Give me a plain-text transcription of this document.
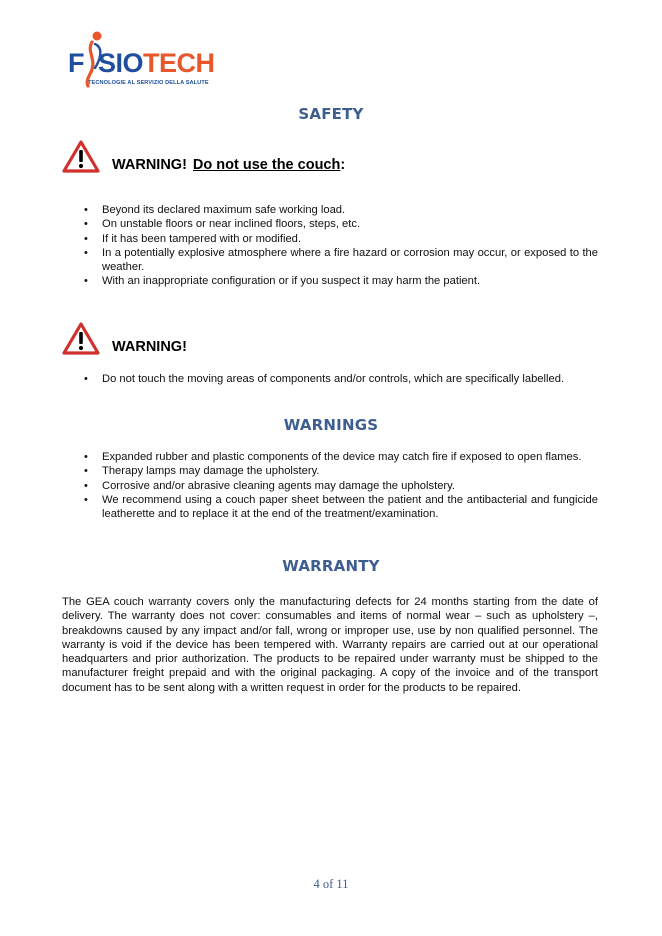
F SIOTECH
TECNOLOGIE AL SERVIZIO DELLA SALUTE
SAFETY
WARNING! Do not use the couch:
• Beyond its declared maximum safe working load.
• On unstable floors or near inclined floors, steps, etc.
• If it has been tampered with or modified.
• In a potentially explosive atmosphere where a fire hazard or corrosion may occur, or exposed to the weather.
• With an inappropriate configuration or if you suspect it may harm the patient.
WARNING!
• Do not touch the moving areas of components and/or controls, which are specifically labelled.
WARNINGS
• Expanded rubber and plastic components of the device may catch fire if exposed to open flames.
• Therapy lamps may damage the upholstery.
• Corrosive and/or abrasive cleaning agents may damage the upholstery.
• We recommend using a couch paper sheet between the patient and the antibacterial and fungicide leatherette and to replace it at the end of the treatment/examination.
WARRANTY

The GEA couch warranty covers only the manufacturing defects for 24 months starting from the date of delivery. The warranty does not cover: consumables and items of normal wear – such as upholstery –, breakdowns caused by any impact and/or fall, wrong or improper use, use by non qualified personnel. The warranty is void if the device has been tempered with. Warranty repairs are carried out at our operational headquarters and prior authorization. The products to be repaired under warranty must be shipped to the manufacturer freight prepaid and with the original packaging. A copy of the invoice and of the transport document has to be sent along with a written request in order for the products to be repaired.

4 of 11
